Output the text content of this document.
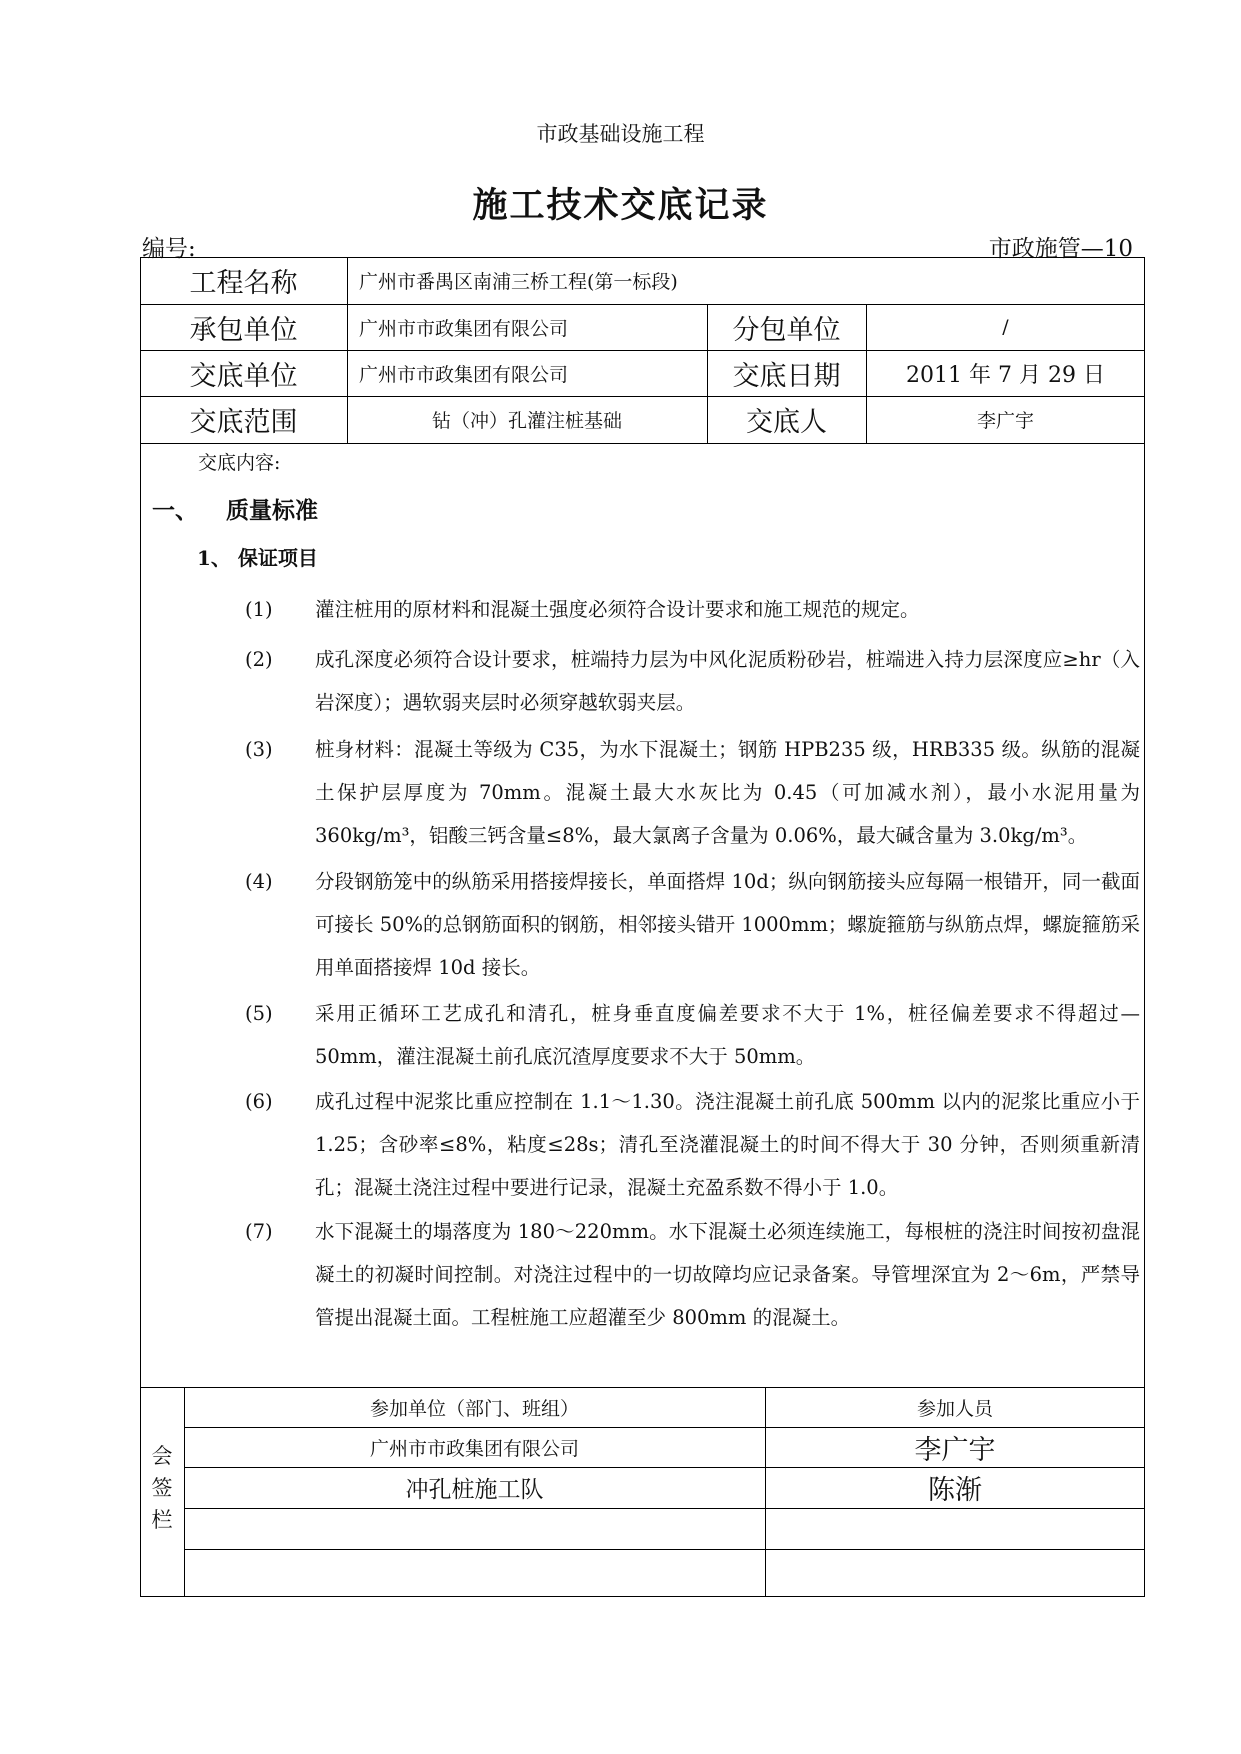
市政基础设施工程
施工技术交底记录
编号:	市政施管—10
工程名称	广州市番禺区南浦三桥工程(第一标段)
承包单位	广州市市政集团有限公司	分包单位	/
交底单位	广州市市政集团有限公司	交底日期	2011 年 7 月 29 日
交底范围	钻（冲）孔灌注桩基础	交底人	李广宇
交底内容:
一、 质量标准
1、 保证项目
(1)	灌注桩用的原材料和混凝土强度必须符合设计要求和施工规范的规定。
(2)	成孔深度必须符合设计要求，桩端持力层为中风化泥质粉砂岩，桩端进入持力层深度应≥hr（入岩深度）；遇软弱夹层时必须穿越软弱夹层。
(3)	桩身材料：混凝土等级为 C35，为水下混凝土；钢筋 HPB235 级，HRB335 级。纵筋的混凝土保护层厚度为 70mm。混凝土最大水灰比为 0.45（可加减水剂），最小水泥用量为 360kg/m³，铝酸三钙含量≤8%，最大氯离子含量为 0.06%，最大碱含量为 3.0kg/m³。
(4)	分段钢筋笼中的纵筋采用搭接焊接长，单面搭焊 10d；纵向钢筋接头应每隔一根错开，同一截面可接长 50%的总钢筋面积的钢筋，相邻接头错开 1000mm；螺旋箍筋与纵筋点焊，螺旋箍筋采用单面搭接焊 10d 接长。
(5)	采用正循环工艺成孔和清孔，桩身垂直度偏差要求不大于 1%，桩径偏差要求不得超过—50mm，灌注混凝土前孔底沉渣厚度要求不大于 50mm。
(6)	成孔过程中泥浆比重应控制在 1.1～1.30。浇注混凝土前孔底 500mm 以内的泥浆比重应小于 1.25；含砂率≤8%，粘度≤28s；清孔至浇灌混凝土的时间不得大于 30 分钟，否则须重新清孔；混凝土浇注过程中要进行记录，混凝土充盈系数不得小于 1.0。
(7)	水下混凝土的塌落度为 180～220mm。水下混凝土必须连续施工，每根桩的浇注时间按初盘混凝土的初凝时间控制。对浇注过程中的一切故障均应记录备案。导管埋深宜为 2～6m，严禁导管提出混凝土面。工程桩施工应超灌至少 800mm 的混凝土。
会
签
栏
参加单位（部门、班组）	参加人员
广州市市政集团有限公司	李广宇
冲孔桩施工队	陈渐
